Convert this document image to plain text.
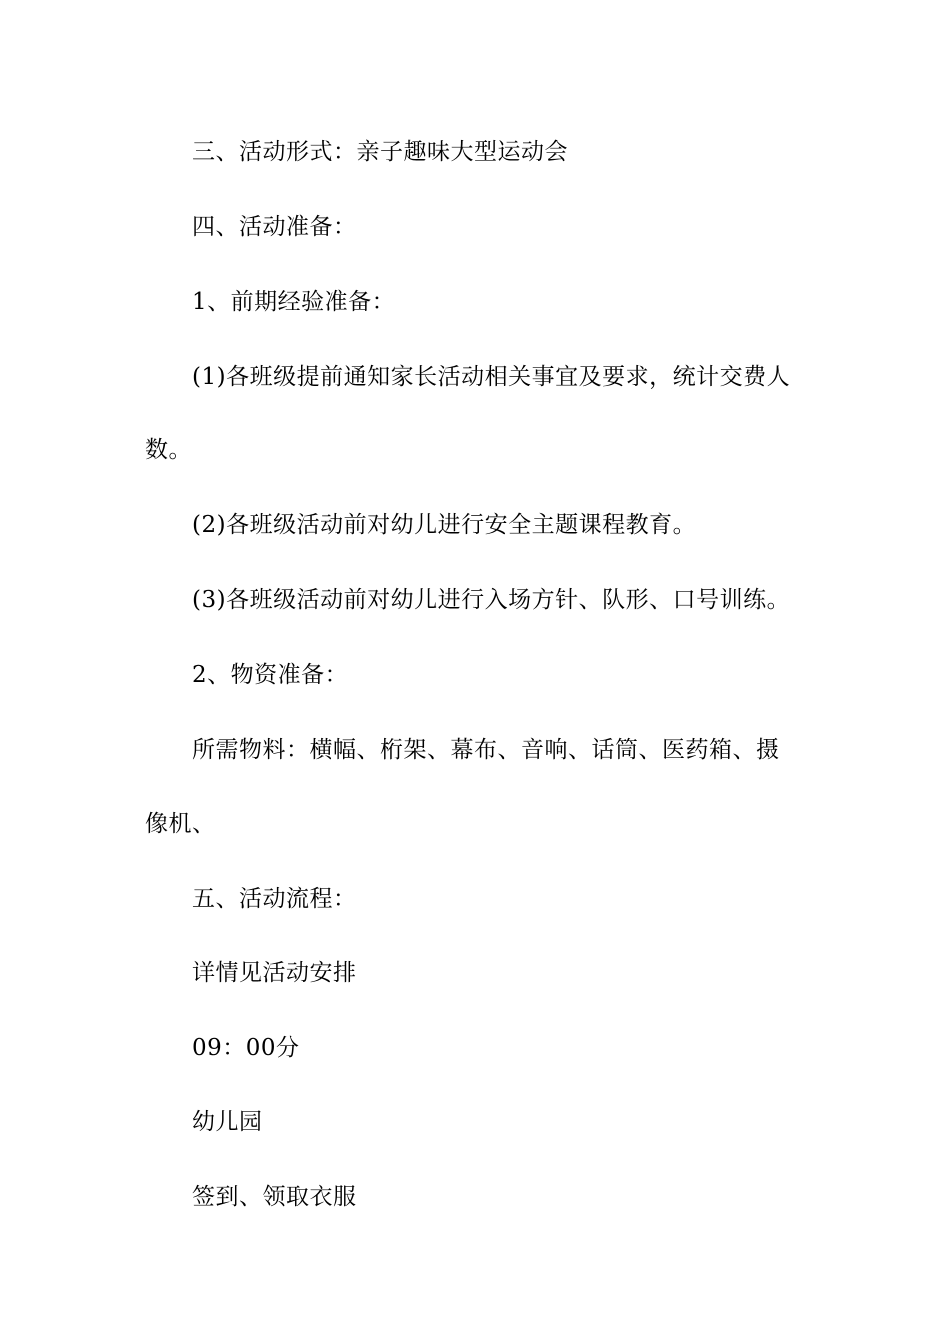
三、活动形式：亲子趣味大型运动会
四、活动准备：
1、前期经验准备：
(1)各班级提前通知家长活动相关事宜及要求，统计交费人
数。
(2)各班级活动前对幼儿进行安全主题课程教育。
(3)各班级活动前对幼儿进行入场方针、队形、口号训练。
2、物资准备：
所需物料：横幅、桁架、幕布、音响、话筒、医药箱、摄
像机、
五、活动流程：
详情见活动安排
09：00分
幼儿园
签到、领取衣服
